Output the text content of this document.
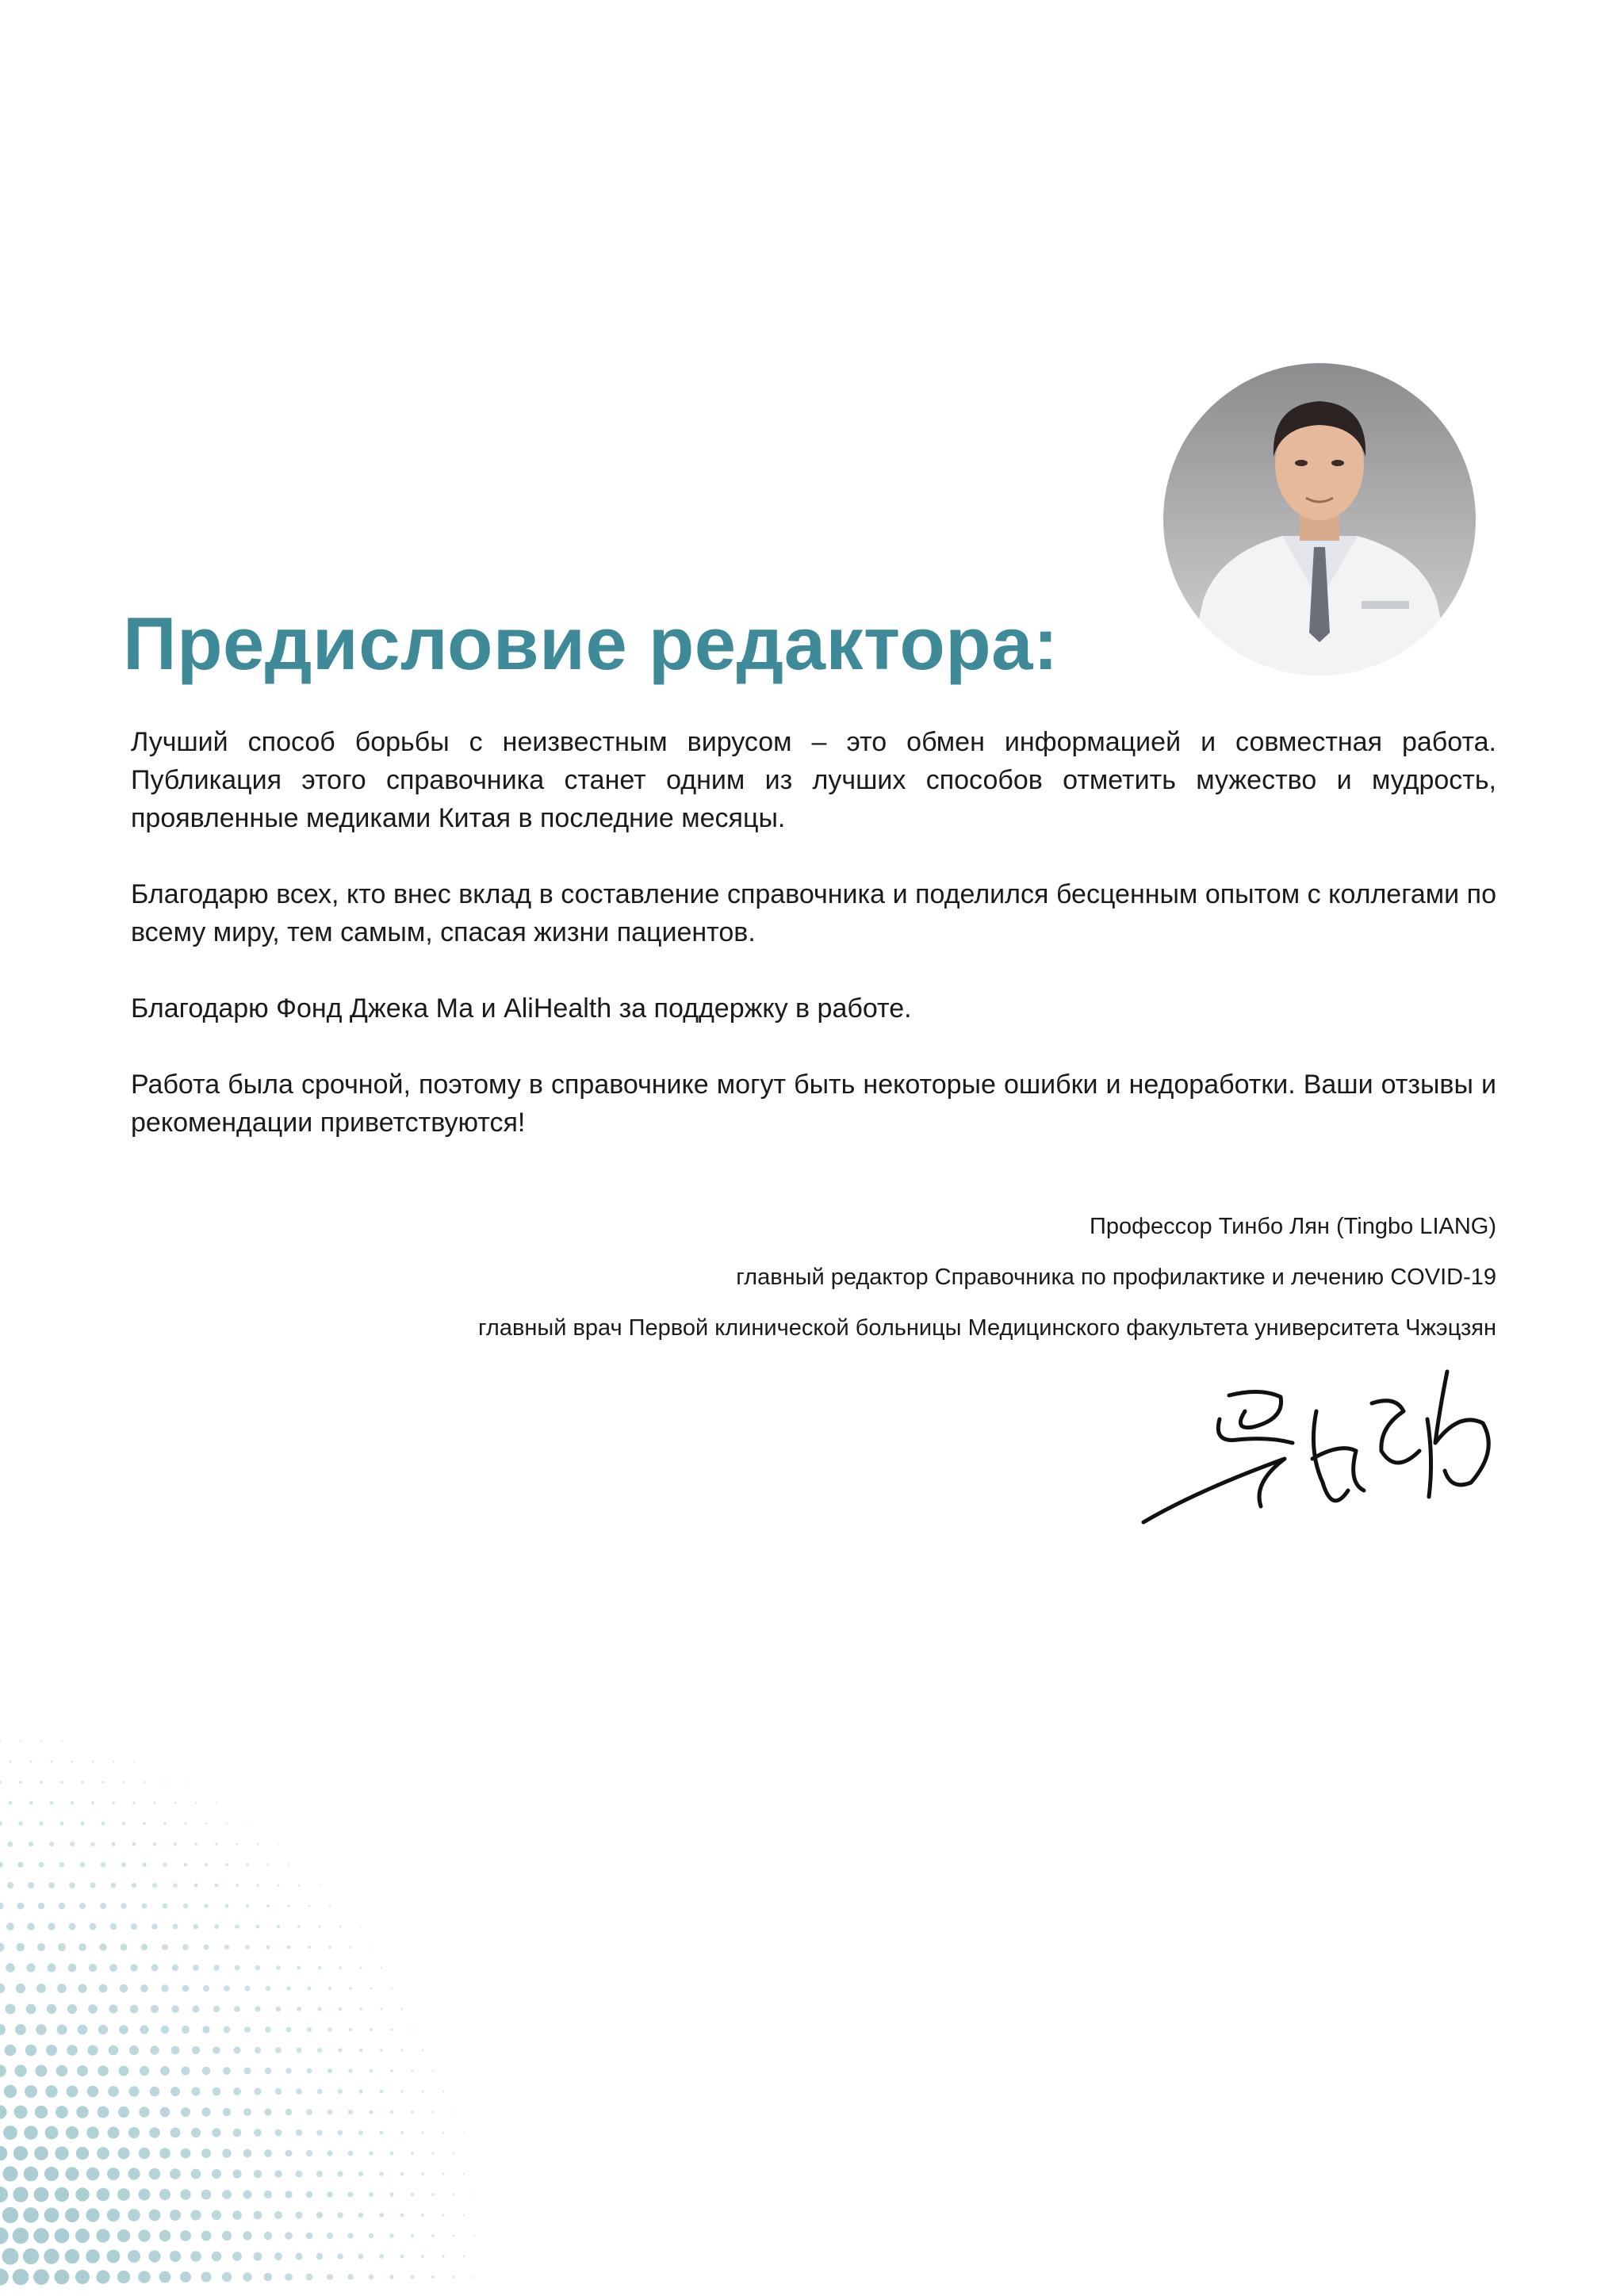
Предисловие редактора:

Лучший способ борьбы с неизвестным вирусом – это обмен информацией и совместная работа. Публикация этого справочника станет одним из лучших способов отметить мужество и мудрость, проявленные медиками Китая в последние месяцы.

Благодарю всех, кто внес вклад в составление справочника и поделился бесценным опытом с коллегами по всему миру, тем самым, спасая жизни пациентов.

Благодарю Фонд Джека Ма и AliHealth за поддержку в работе.

Работа была срочной, поэтому в справочнике могут быть некоторые ошибки и недоработки. Ваши отзывы и рекомендации приветствуются!

Профессор Тинбо Лян (Tingbo LIANG)
главный редактор Справочника по профилактике и лечению COVID-19
главный врач Первой клинической больницы Медицинского факультета университета Чжэцзян
